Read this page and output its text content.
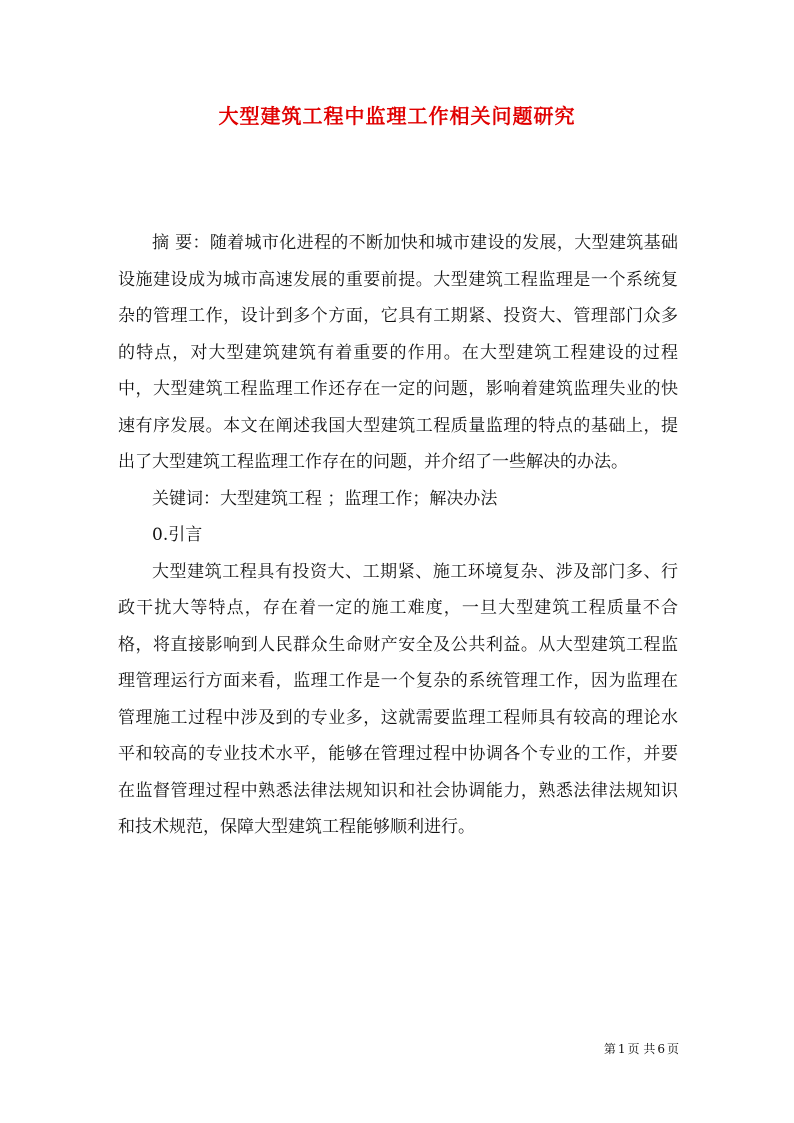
大型建筑工程中监理工作相关问题研究

摘 要：随着城市化进程的不断加快和城市建设的发展，大型建筑基础设施建设成为城市高速发展的重要前提。大型建筑工程监理是一个系统复杂的管理工作，设计到多个方面，它具有工期紧、投资大、管理部门众多的特点，对大型建筑建筑有着重要的作用。在大型建筑工程建设的过程中，大型建筑工程监理工作还存在一定的问题，影响着建筑监理失业的快速有序发展。本文在阐述我国大型建筑工程质量监理的特点的基础上，提出了大型建筑工程监理工作存在的问题，并介绍了一些解决的办法。

关键词：大型建筑工程 ；监理工作；解决办法

0.引言

大型建筑工程具有投资大、工期紧、施工环境复杂、涉及部门多、行政干扰大等特点，存在着一定的施工难度，一旦大型建筑工程质量不合格，将直接影响到人民群众生命财产安全及公共利益。从大型建筑工程监理管理运行方面来看，监理工作是一个复杂的系统管理工作，因为监理在管理施工过程中涉及到的专业多，这就需要监理工程师具有较高的理论水平和较高的专业技术水平，能够在管理过程中协调各个专业的工作，并要在监督管理过程中熟悉法律法规知识和社会协调能力，熟悉法律法规知识和技术规范，保障大型建筑工程能够顺利进行。

第 1 页 共 6 页
